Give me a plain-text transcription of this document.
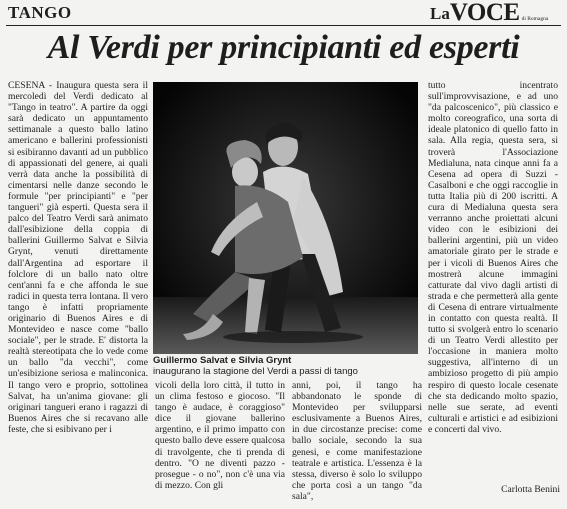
TANGO	La VOCE di Romagna
Al Verdi per principianti ed esperti

CESENA - Inaugura questa sera il mercoledì del Verdi dedicato al "Tango in teatro". A partire da oggi sarà dedicato un appuntamento settimanale a questo ballo latino americano e ballerini professionisti si esibiranno davanti ad un pubblico di appassionati del genere, ai quali verrà data anche la possibilità di cimentarsi nelle danze secondo le formule "per principianti" e "per tangueri" già esperti. Questa sera il palco del Teatro Verdi sarà animato dall'esibizione della coppia di ballerini Guillermo Salvat e Silvia Grynt, venuti direttamente dall'Argentina ad esportare il folclore di un ballo nato oltre cent'anni fa e che affonda le sue radici in questa terra lontana. Il vero tango è infatti propriamente originario di Buenos Aires e di Montevideo e nasce come "ballo sociale", per le strade. E' distorta la realtà stereotipata che lo vede come un ballo "da vecchi", come un'esibizione seriosa e malinconica. Il tango vero e proprio, sottolinea Salvat, ha un'anima giovane: gli originari tangueri erano i ragazzi di Buenos Aires che si recavano alle feste, che si esibivano per i

Guillermo Salvat e Silvia Grynt
inaugurano la stagione del Verdi a passi di tango

vicoli della loro città, il tutto in un clima festoso e giocoso. "Il tango è audace, è coraggioso" dice il giovane ballerino argentino, e il primo impatto con questo ballo deve essere qualcosa di travolgente, che ti prenda di dentro. "O ne diventi pazzo - prosegue - o no", non c'è una via di mezzo. Con gli

anni, poi, il tango ha abbandonato le sponde di Montevideo per svilupparsi esclusivamente a Buenos Aires, in due circostanze precise: come ballo sociale, secondo la sua genesi, e come manifestazione teatrale e artistica. L'essenza è la stessa, diverso è solo lo sviluppo che porta così a un tango "da sala",

tutto incentrato sull'improvvisazione, e ad uno "da palcoscenico", più classico e molto coreografico, una sorta di ideale platonico di quello fatto in sala. Alla regia, questa sera, si troverà l'Associazione Medialuna, nata cinque anni fa a Cesena ad opera di Suzzi - Casalboni e che oggi raccoglie in tutta Italia più di 200 iscritti. A cura di Medialuna questa sera verranno anche proiettati alcuni video con le esibizioni dei ballerini argentini, più un video amatoriale girato per le strade e per i vicoli di Buenos Aires che mostrerà alcune immagini catturate dal vivo dagli artisti di strada e che permetterà alla gente di Cesena di entrare virtualmente in contatto con questa realtà. Il tutto si svolgerà entro lo scenario di un Teatro Verdi allestito per l'occasione in maniera molto suggestiva, all'interno di un ambizioso progetto di più ampio respiro di questo locale cesenate che sta dedicando molto spazio, nelle sue serate, ad eventi culturali e artistici e ad esibizioni e concerti dal vivo.

Carlotta Benini
